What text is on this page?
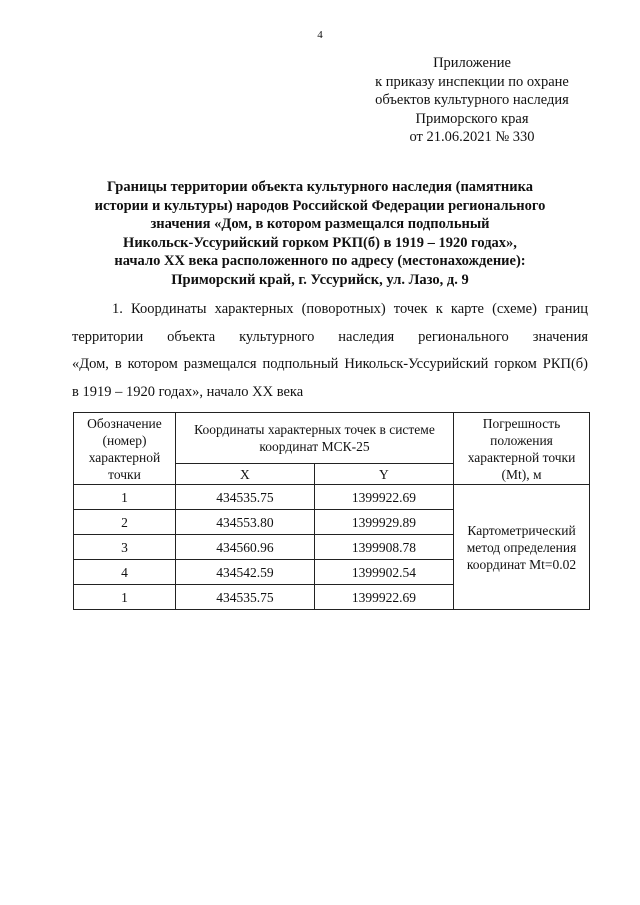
4
Приложение
к приказу инспекции по охране
объектов культурного наследия
Приморского края
от 21.06.2021 № 330
Границы территории объекта культурного наследия (памятника
истории и культуры) народов Российской Федерации регионального
значения «Дом, в котором размещался подпольный
Никольск-Уссурийский горком РКП(б) в 1919 – 1920 годах»,
начало XX века расположенного по адресу (местонахождение):
Приморский край, г. Уссурийск, ул. Лазо, д. 9
1. Координаты характерных (поворотных) точек к карте (схеме) границ
территории объекта культурного наследия регионального значения
«Дом, в котором размещался подпольный Никольск-Уссурийский горком РКП(б)
в 1919 – 1920 годах», начало XX века
Обозначение (номер) характерной точки	Координаты характерных точек в системе координат МСК-25		Погрешность положения характерной точки (Mt), м
	X	Y	
1	434535.75	1399922.69	Картометрический метод определения координат Mt=0.02
2	434553.80	1399929.89	
3	434560.96	1399908.78	
4	434542.59	1399902.54	
1	434535.75	1399922.69	
